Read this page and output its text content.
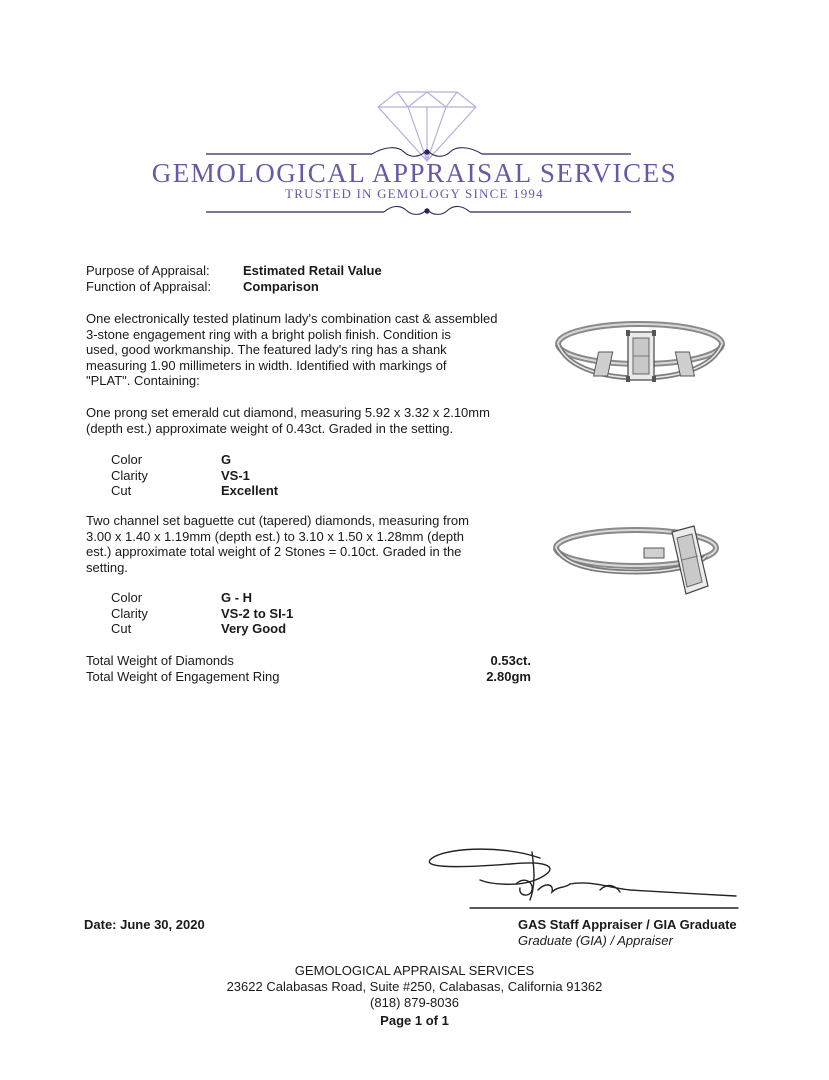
GEMOLOGICAL APPRAISAL SERVICES
TRUSTED IN GEMOLOGY SINCE 1994
Purpose of Appraisal:	Estimated Retail Value
Function of Appraisal: Comparison
One electronically tested platinum lady's combination cast & assembled
3-stone engagement ring with a bright polish finish. Condition is
used, good workmanship. The featured lady's ring has a shank
measuring 1.90 millimeters in width. Identified with markings of
"PLAT". Containing:
One prong set emerald cut diamond, measuring 5.92 x 3.32 x 2.10mm
(depth est.) approximate weight of 0.43ct. Graded in the setting.
Color	G
Clarity	VS-1
Cut	Excellent
Two channel set baguette cut (tapered) diamonds, measuring from
3.00 x 1.40 x 1.19mm (depth est.) to 3.10 x 1.50 x 1.28mm (depth
est.) approximate total weight of 2 Stones = 0.10ct. Graded in the
setting.
Color	G - H
Clarity	VS-2 to SI-1
Cut	Very Good
Total Weight of Diamonds	0.53ct.
Total Weight of Engagement Ring	2.80gm
Date: June 30, 2020	GAS Staff Appraiser / GIA Graduate
Graduate (GIA) / Appraiser
GEMOLOGICAL APPRAISAL SERVICES
23622 Calabasas Road, Suite #250, Calabasas, California 91362
(818) 879-8036
Page 1 of 1
